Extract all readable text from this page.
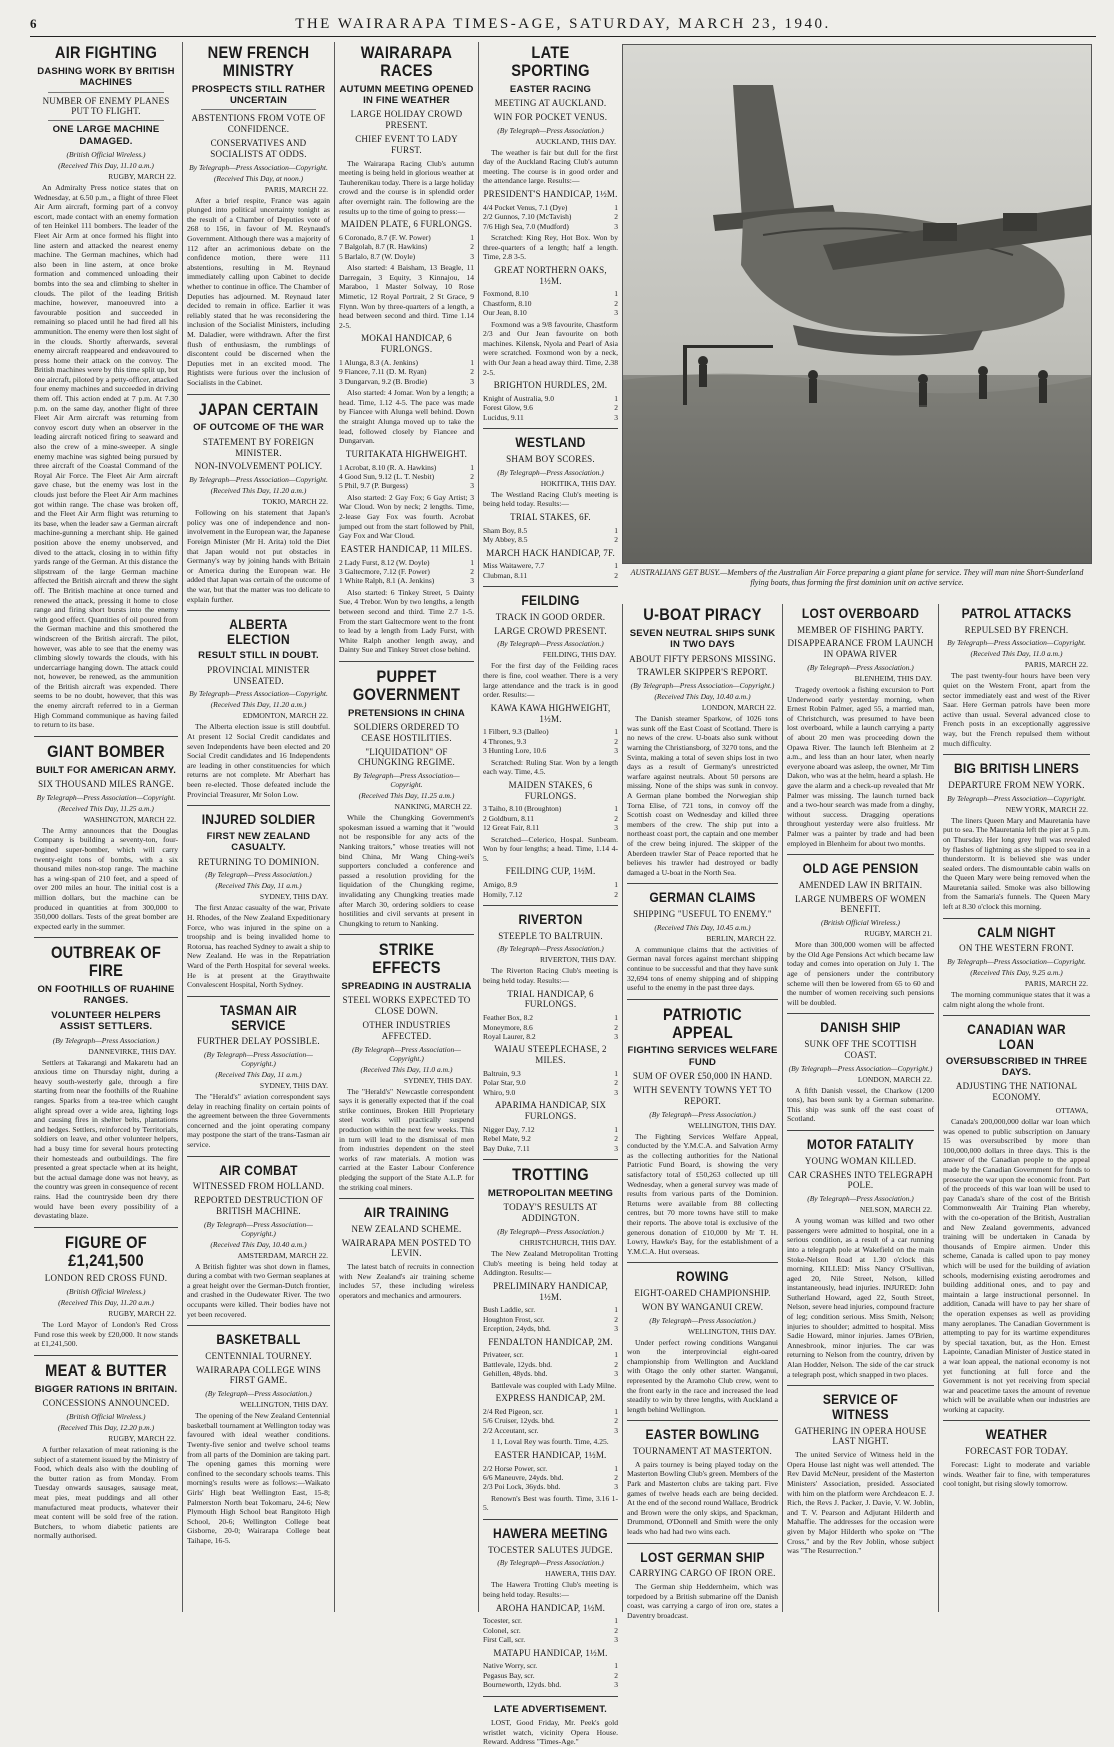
6	THE WAIRARAPA TIMES-AGE, SATURDAY, MARCH 23, 1940.
AIR FIGHTING
DASHING WORK BY BRITISH MACHINES
NUMBER OF ENEMY PLANES PUT TO FLIGHT.
ONE LARGE MACHINE DAMAGED.
(British Official Wireless.)
(Received This Day, 11.10 a.m.)
RUGBY, MARCH 22.

An Admiralty Press notice states that on Wednesday, at 6.50 p.m., a flight of three Fleet Air Arm aircraft, forming part of a convoy escort, made contact with an enemy formation of ten Heinkel 111 bombers. The leader of the Fleet Air Arm at once formed his flight into line astern and attacked the nearest enemy machine. The German machines, which had also been in line astern, at once broke formation and commenced unloading their bombs into the sea and climbing to shelter in clouds. The pilot of the leading British machine, however, manoeuvred into a favourable position and succeeded in remaining so placed until he had fired all his ammunition. The enemy were then lost sight of in the clouds. Shortly afterwards, several enemy aircraft reappeared and endeavoured to press home their attack on the convoy. The British machines were by this time split up, but one aircraft, piloted by a petty-officer, attacked four enemy machines and succeeded in driving them off. This action ended at 7 p.m. At 7.30 p.m. on the same day, another flight of three Fleet Air Arm aircraft was returning from convoy escort duty when an observer in the leading aircraft noticed firing to seaward and also the crew of a mine-sweeper. A single enemy machine was sighted being pursued by three aircraft of the Coastal Command of the Royal Air Force. The Fleet Air Arm aircraft gave chase, but the enemy was lost in the clouds just before the Fleet Air Arm machines got within range. The chase was broken off, and the Fleet Air Arm flight was returning to its base, when the leader saw a German aircraft machine-gunning a merchant ship. He gained position above the enemy unobserved, and dived to the attack, closing in to within fifty yards range of the German. At this distance the slipstream of the large German machine affected the British aircraft and threw the sight off. The British machine at once turned and renewed the attack, pressing it home to close range and firing short bursts into the enemy with good effect. Quantities of oil poured from the German machine and this smothered the windscreen of the British aircraft. The pilot, however, was able to see that the enemy was climbing slowly towards the clouds, with his undercarriage hanging down. The attack could not, however, be renewed, as the ammunition of the British aircraft was expended. There seems to be no doubt, however, that this was the enemy aircraft referred to in a German High Command communique as having failed to return to its base.

GIANT BOMBER
BUILT FOR AMERICAN ARMY.
SIX THOUSAND MILES RANGE.
By Telegraph—Press Association—Copyright.
(Received This Day, 11.25 a.m.)
WASHINGTON, MARCH 22.

The Army announces that the Douglas Company is building a seventy-ton, four-engined super-bomber, which will carry twenty-eight tons of bombs, with a six thousand miles non-stop range. The machine has a wing-span of 210 feet, and a speed of over 200 miles an hour. The initial cost is a million dollars, but the machine can be produced in quantities at from 300,000 to 350,000 dollars. Tests of the great bomber are expected early in the summer.

OUTBREAK OF FIRE
ON FOOTHILLS OF RUAHINE RANGES.
VOLUNTEER HELPERS ASSIST SETTLERS.
(By Telegraph—Press Association.)
DANNEVIRKE, THIS DAY.

Settlers at Takarangi and Makaretu had an anxious time on Thursday night, during a heavy south-westerly gale, through a fire starting from near the foothills of the Ruahine ranges. Sparks from a tea-tree which caught alight spread over a wide area, lighting logs and causing fires in shelter belts, plantations and hedges. Settlers, reinforced by Territorials, soldiers on leave, and other volunteer helpers, had a busy time for several hours protecting their homesteads and outbuildings. The fire presented a great spectacle when at its height, but the actual damage done was not heavy, as the country was green in consequence of recent rains. Had the countryside been dry there would have been every possibility of a devastating blaze.

FIGURE OF £1,241,500
LONDON RED CROSS FUND.
(British Official Wireless.)
(Received This Day, 11.20 a.m.)
RUGBY, MARCH 22.

The Lord Mayor of London's Red Cross Fund rose this week by £20,000. It now stands at £1,241,500.

MEAT & BUTTER
BIGGER RATIONS IN BRITAIN.
CONCESSIONS ANNOUNCED.
(British Official Wireless.)
(Received This Day, 12.20 p.m.)
RUGBY, MARCH 22.

A further relaxation of meat rationing is the subject of a statement issued by the Ministry of Food, which deals also with the doubling of the butter ration as from Monday. From Tuesday onwards sausages, sausage meat, meat pies, meat puddings and all other manufactured meat products, whatever their meat content will be sold free of the ration. Butchers, to whom diabetic patients are normally authorised.

NEW FRENCH MINISTRY
PROSPECTS STILL RATHER UNCERTAIN
ABSTENTIONS FROM VOTE OF CONFIDENCE.
CONSERVATIVES AND SOCIALISTS AT ODDS.
By Telegraph—Press Association—Copyright.
(Received This Day, at noon.)
PARIS, MARCH 22.

After a brief respite, France was again plunged into political uncertainty tonight as the result of a Chamber of Deputies vote of 268 to 156, in favour of M. Reynaud's Government. Although there was a majority of 112 after an acrimonious debate on the confidence motion, there were 111 abstentions, resulting in M. Reynaud immediately calling upon Cabinet to decide whether to continue in office. The Chamber of Deputies has adjourned. M. Reynaud later decided to remain in office. Earlier it was reliably stated that he was reconsidering the inclusion of the Socialist Ministers, including M. Daladier, were withdrawn. After the first flush of enthusiasm, the rumblings of discontent could be discerned when the Deputies met in an excited mood. The Rightists were furious over the inclusion of Socialists in the Cabinet.

JAPAN CERTAIN
OF OUTCOME OF THE WAR
STATEMENT BY FOREIGN MINISTER.
NON-INVOLVEMENT POLICY.
By Telegraph—Press Association—Copyright.
(Received This Day, 11.20 a.m.)
TOKIO, MARCH 22.

Following on his statement that Japan's policy was one of independence and non-involvement in the European war, the Japanese Foreign Minister (Mr H. Arita) told the Diet that Japan would not put obstacles in Germany's way by joining hands with Britain or America during the European war. He added that Japan was certain of the outcome of the war, but that the matter was too delicate to explain further.

ALBERTA ELECTION
RESULT STILL IN DOUBT.
PROVINCIAL MINISTER UNSEATED.
By Telegraph—Press Association—Copyright.
(Received This Day, 11.20 a.m.)
EDMONTON, MARCH 22.

The Alberta election issue is still doubtful. At present 12 Social Credit candidates and seven Independents have been elected and 20 Social Credit candidates and 16 Independents are leading in other constituencies for which returns are not complete. Mr Aberhart has been re-elected. Those defeated include the Provincial Treasurer, Mr Solon Low.

INJURED SOLDIER
FIRST NEW ZEALAND CASUALTY.
RETURNING TO DOMINION.
(By Telegraph—Press Association.)
(Received This Day, 11 a.m.)
SYDNEY, THIS DAY.

The first Anzac casualty of the war, Private H. Rhodes, of the New Zealand Expeditionary Force, who was injured in the spine on a troopship and is being invalided home to Rotorua, has reached Sydney to await a ship to New Zealand. He was in the Repatriation Ward of the Perth Hospital for several weeks. He is at present at the Graythwaite Convalescent Hospital, North Sydney.

TASMAN AIR SERVICE
FURTHER DELAY POSSIBLE.
(By Telegraph—Press Association—Copyright.)
(Received This Day, 11 a.m.)
SYDNEY, THIS DAY.

The "Herald's" aviation correspondent says delay in reaching finality on certain points of the agreement between the three Governments concerned and the joint operating company may postpone the start of the trans-Tasman air service.

AIR COMBAT
WITNESSED FROM HOLLAND.
REPORTED DESTRUCTION OF BRITISH MACHINE.
(By Telegraph—Press Association—Copyright.)
(Received This Day, 10.40 a.m.)
AMSTERDAM, MARCH 22.

A British fighter was shot down in flames, during a combat with two German seaplanes at a great height over the German-Dutch frontier, and crashed in the Oudewater River. The two occupants were killed. Their bodies have not yet been recovered.

BASKETBALL
CENTENNIAL TOURNEY.
WAIRARAPA COLLEGE WINS FIRST GAME.
(By Telegraph—Press Association.)
WELLINGTON, THIS DAY.

The opening of the New Zealand Centennial basketball tournament at Wellington today was favoured with ideal weather conditions. Twenty-five senior and twelve school teams from all parts of the Dominion are taking part. The opening games this morning were confined to the secondary schools teams. This morning's results were as follows:—Waikato Girls' High beat Wellington East, 15-8; Palmerston North beat Tokomaru, 24-6; New Plymouth High School beat Rangitoto High School, 20-6; Wellington College beat Gisborne, 20-0; Wairarapa College beat Taihape, 16-5.

WAIRARAPA RACES
AUTUMN MEETING OPENED IN FINE WEATHER
LARGE HOLIDAY CROWD PRESENT.
CHIEF EVENT TO LADY FURST.

The Wairarapa Racing Club's autumn meeting is being held in glorious weather at Tauherenikau today. There is a large holiday crowd and the course is in splendid order after overnight rain. The following are the results up to the time of going to press:—

MAIDEN PLATE, 6 FURLONGS.
6 Coronado, 8.7 (F. W. Power)	1
7 Balgolah, 8.7 (R. Hawkins)	2
5 Barlalo, 8.7 (W. Doyle)	3

Also started: 4 Baisham, 13 Beagle, 11 Darregain, 3 Equity, 3 Kinnajou, 14 Maraboo, 1 Master Solway, 10 Rose Mimetic, 12 Royal Portrait, 2 St Grace, 9 Flynn. Won by three-quarters of a length, a head between second and third. Time 1.14 2-5.

MOKAI HANDICAP, 6 FURLONGS.
1 Alunga, 8.3 (A. Jenkins)	1
9 Fiancee, 7.11 (D. M. Ryan)	2
3 Dungarvan, 9.2 (B. Brodie)	3

Also started: 4 Jomar. Won by a length; a head. Time, 1.12 4-5. The pace was made by Fiancee with Alunga well behind. Down the straight Alunga moved up to take the lead, followed closely by Fiancee and Dungarvan.

TURITAKATA HIGHWEIGHT.
1 Acrobat, 8.10 (R. A. Hawkins)	1
4 Good Sun, 9.12 (L. T. Nesbit)	2
5 Phil, 9.7 (P. Burgess)	3

Also started: 2 Gay Fox; 6 Gay Artist; 3 War Cloud. Won by neck; 2 lengths. Time, 2-lease Gay Fox was fourth. Acrobat jumped out from the start followed by Phil, Gay Fox and War Cloud.

EASTER HANDICAP, 11 MILES.
2 Lady Furst, 8.12 (W. Doyle)	1
3 Galtecmore, 7.12 (F. Power)	2
1 White Ralph, 8.1 (A. Jenkins)	3

Also started: 6 Tinkey Street, 5 Dainty Sue, 4 Trebor. Won by two lengths, a length between second and third. Time 2.7 1-5. From the start Galtecmore went to the front to lead by a length from Lady Furst, with White Ralph another length away, and Dainty Sue and Tinkey Street close behind.

PUPPET GOVERNMENT
PRETENSIONS IN CHINA
SOLDIERS ORDERED TO CEASE HOSTILITIES.
"LIQUIDATION" OF CHUNGKING REGIME.
By Telegraph—Press Association—Copyright.
(Received This Day, 11.25 a.m.)
NANKING, MARCH 22.

While the Chungking Government's spokesman issued a warning that it "would not be responsible for any acts of the Nanking traitors," whose treaties will not bind China, Mr Wang Ching-wei's supporters concluded a conference and passed a resolution providing for the liquidation of the Chungking regime, invalidating any Chungking treaties made after March 30, ordering soldiers to cease hostilities and civil servants at present in Chungking to return to Nanking.

STRIKE EFFECTS
SPREADING IN AUSTRALIA
STEEL WORKS EXPECTED TO CLOSE DOWN.
OTHER INDUSTRIES AFFECTED.
(By Telegraph—Press Association—Copyright.)
(Received This Day, 11.0 a.m.)
SYDNEY, THIS DAY.

The "Herald's" Newcastle correspondent says it is generally expected that if the coal strike continues, Broken Hill Proprietary steel works will practically suspend production within the next few weeks. This in turn will lead to the dismissal of men from industries dependent on the steel works of raw materials. A motion was carried at the Easter Labour Conference pledging the support of the State A.L.P. for the striking coal miners.

AIR TRAINING
NEW ZEALAND SCHEME.
WAIRARAPA MEN POSTED TO LEVIN.

The latest batch of recruits in connection with New Zealand's air training scheme includes 57, these including wireless operators and mechanics and armourers.

LATE SPORTING
EASTER RACING
MEETING AT AUCKLAND.
WIN FOR POCKET VENUS.
(By Telegraph—Press Association.)
AUCKLAND, THIS DAY.

The weather is fair but dull for the first day of the Auckland Racing Club's autumn meeting. The course is in good order and the attendance large. Results:—

PRESIDENT'S HANDICAP, 1½M.
4/4 Pocket Venus, 7.1 (Dye)	1
2/2 Gunnos, 7.10 (McTavish)	2
7/6 High Sea, 7.0 (Mudford)	3

Scratched: King Rey, Hot Box. Won by three-quarters of a length; half a length. Time, 2.8 3-5.

GREAT NORTHERN OAKS, 1½M.
Foxmond, 8.10	1
Chastform, 8.10	2
Our Jean, 8.10	3

Foxmond was a 9/8 favourite, Chastform 2/3 and Our Jean favourite on both machines. Kilensk, Nyola and Pearl of Asia were scratched. Foxmond won by a neck, with Our Jean a head away third. Time, 2.38 2-5.

BRIGHTON HURDLES, 2M.
Knight of Australia, 9.0	1
Forest Glow, 9.6	2
Lucidus, 9.11	3
WESTLAND
SHAM BOY SCORES.
(By Telegraph—Press Association.)
HOKITIKA, THIS DAY.

The Westland Racing Club's meeting is being held today. Results:—

TRIAL STAKES, 6F.
Sham Boy, 8.5	1
My Abbey, 8.5	2
MARCH HACK HANDICAP, 7F.
Miss Waitawere, 7.7	1
Clubman, 8.11	2
FEILDING
TRACK IN GOOD ORDER.
LARGE CROWD PRESENT.
(By Telegraph—Press Association.)
FEILDING, THIS DAY.

For the first day of the Feilding races there is fine, cool weather. There is a very large attendance and the track is in good order. Results:—

KAWA KAWA HIGHWEIGHT, 1½M.
1 Filbert, 9.3 (Dalleo)	1
4 Thrones, 9.3	2
3 Hunting Lore, 10.6	3

Scratched: Ruling Star. Won by a length each way. Time, 4.5.

MAIDEN STAKES, 6 FURLONGS.
3 Taiho, 8.10 (Broughton)	1
2 Goldburn, 8.11	2
12 Great Fair, 8.11	3

Scratched—Celerico, Hospal. Sunbeam. Won by four lengths; a head. Time, 1.14 4-5.

FEILDING CUP, 1½M.
Amigo, 8.9	1
Homily, 7.12	2
RIVERTON
STEEPLE TO BALTRUIN.
(By Telegraph—Press Association.)
RIVERTON, THIS DAY.

The Riverton Racing Club's meeting is being held today. Results:—

TRIAL HANDICAP, 6 FURLONGS.
Feather Box, 8.2	1
Moneymore, 8.6	2
Royal Laurer, 8.2	3
WAIAU STEEPLECHASE, 2 MILES.
Baltruin, 9.3	1
Polar Star, 9.0	2
Whiro, 9.0	3
APARIMA HANDICAP, SIX FURLONGS.
Nigger Day, 7.12	1
Rebel Mate, 9.2	2
Bay Duke, 7.11	3
TROTTING
METROPOLITAN MEETING
TODAY'S RESULTS AT ADDINGTON.
(By Telegraph—Press Association.)
CHRISTCHURCH, THIS DAY.

The New Zealand Metropolitan Trotting Club's meeting is being held today at Addington. Results:—

PRELIMINARY HANDICAP, 1½M.
Bush Laddie, scr.	1
Houghton Frost, scr.	2
Erception, 24yds, bhd.	3
FENDALTON HANDICAP, 2M.
Privateer, scr.	1
Battlevale, 12yds. bhd.	2
Gehillen, 48yds. bhd.	3

Battlevale was coupled with Lady Milne.

EXPRESS HANDICAP, 2M.
2/4 Red Pigeon, scr.	1
5/6 Cruiser, 12yds. bhd.	2
2/2 Acceutant, scr.	3

1 1, Loval Rey was fourth. Time, 4.25.

EASTER HANDICAP, 1½M.
2/2 Horse Power, scr.	1
6/6 Maneuvre, 24yds. bhd.	2
2/3 Poi Lock, 36yds. bhd.	3

Renown's Best was fourth. Time, 3.16 1-5.

HAWERA MEETING
TOCESTER SALUTES JUDGE.
(By Telegraph—Press Association.)
HAWERA, THIS DAY.

The Hawera Trotting Club's meeting is being held today. Results:—

AROHA HANDICAP, 1½M.
Tocester, scr.	1
Colonel, scr.	2
First Call, scr.	3
MATAPU HANDICAP, 1½M.
Native Worry, scr.	1
Pegasus Bay, scr.	2
Bourneworth, 12yds. bhd.	3
LATE ADVERTISEMENT.

LOST, Good Friday, Mr. Peek's gold wristlet watch, vicinity Opera House. Reward. Address "Times-Age."

AUSTRALIANS GET BUSY.—Members of the Australian Air Force preparing a giant plane for service. They will man nine Short-Sunderland flying boats, thus forming the first dominion unit on active service.
U-BOAT PIRACY
SEVEN NEUTRAL SHIPS SUNK IN TWO DAYS
ABOUT FIFTY PERSONS MISSING.
TRAWLER SKIPPER'S REPORT.
(By Telegraph—Press Association—Copyright.)
(Received This Day, 10.40 a.m.)
LONDON, MARCH 22.

The Danish steamer Sparkow, of 1026 tons was sunk off the East Coast of Scotland. There is no news of the crew. U-boats also sunk without warning the Christiansborg, of 3270 tons, and the Svinta, making a total of seven ships lost in two days as a result of Germany's unrestricted warfare against neutrals. About 50 persons are missing. None of the ships was sunk in convoy. A German plane bombed the Norwegian ship Torna Elise, of 721 tons, in convoy off the Scottish coast on Wednesday and killed three members of the crew. The ship put into a northeast coast port, the captain and one member of the crew being injured. The skipper of the Aberdeen trawler Star of Peace reported that he believes his trawler had destroyed or badly damaged a U-boat in the North Sea.

GERMAN CLAIMS
SHIPPING "USEFUL TO ENEMY."
(Received This Day, 10.45 a.m.)
BERLIN, MARCH 22.

A communique claims that the activities of German naval forces against merchant shipping continue to be successful and that they have sunk 32,694 tons of enemy shipping and of shipping useful to the enemy in the past three days.

PATRIOTIC APPEAL
FIGHTING SERVICES WELFARE FUND
SUM OF OVER £50,000 IN HAND.
WITH SEVENTY TOWNS YET TO REPORT.
(By Telegraph—Press Association.)
WELLINGTON, THIS DAY.

The Fighting Services Welfare Appeal, conducted by the Y.M.C.A. and Salvation Army as the collecting authorities for the National Patriotic Fund Board, is showing the very satisfactory total of £50,263 collected up till Wednesday, when a general survey was made of results from various parts of the Dominion. Returns were available from 88 collecting centres, but 70 more towns have still to make their reports. The above total is exclusive of the generous donation of £10,000 by Mr T. H. Lowry, Hawke's Bay, for the establishment of a Y.M.C.A. Hut overseas.

ROWING
EIGHT-OARED CHAMPIONSHIP.
WON BY WANGANUI CREW.
(By Telegraph—Press Association.)
WELLINGTON, THIS DAY.

Under perfect rowing conditions Wanganui won the interprovincial eight-oared championship from Wellington and Auckland with Otago the only other starter. Wanganui, represented by the Aramoho Club crew, went to the front early in the race and increased the lead steadily to win by three lengths, with Auckland a length behind Wellington.

EASTER BOWLING
TOURNAMENT AT MASTERTON.

A pairs tourney is being played today on the Masterton Bowling Club's green. Members of the Park and Masterton clubs are taking part. Five games of twelve heads each are being decided. At the end of the second round Wallace, Brodrick and Brown were the only skips, and Spackman, Drummond, O'Donnell and Smith were the only leads who had had two wins each.

LOST GERMAN SHIP
CARRYING CARGO OF IRON ORE.

The German ship Heddernheim, which was torpedoed by a British submarine off the Danish coast, was carrying a cargo of iron ore, states a Daventry broadcast.

LOST OVERBOARD
MEMBER OF FISHING PARTY.
DISAPPEARANCE FROM LAUNCH IN OPAWA RIVER
(By Telegraph—Press Association.)
BLENHEIM, THIS DAY.

Tragedy overtook a fishing excursion to Port Underwood early yesterday morning, when Ernest Robin Palmer, aged 55, a married man, of Christchurch, was presumed to have been lost overboard, while a launch carrying a party of about 20 men was proceeding down the Opawa River. The launch left Blenheim at 2 a.m., and less than an hour later, when nearly everyone aboard was asleep, the owner, Mr Tim Dakon, who was at the helm, heard a splash. He gave the alarm and a check-up revealed that Mr Palmer was missing. The launch turned back and a two-hour search was made from a dinghy, without success. Dragging operations throughout yesterday were also fruitless. Mr Palmer was a painter by trade and had been employed in Blenheim for about two months.

OLD AGE PENSION
AMENDED LAW IN BRITAIN.
LARGE NUMBERS OF WOMEN BENEFIT.
(British Official Wireless.)
RUGBY, MARCH 21.

More than 300,000 women will be affected by the Old Age Pensions Act which became law today and comes into operation on July 1. The age of pensioners under the contributory scheme will then be lowered from 65 to 60 and the number of women receiving such pensions will be doubled.

DANISH SHIP
SUNK OFF THE SCOTTISH COAST.
(By Telegraph—Press Association—Copyright.)
LONDON, MARCH 22.

A fifth Danish vessel, the Charkow (1200 tons), has been sunk by a German submarine. This ship was sunk off the east coast of Scotland.

MOTOR FATALITY
YOUNG WOMAN KILLED.
CAR CRASHES INTO TELEGRAPH POLE.
(By Telegraph—Press Association.)
NELSON, MARCH 22.

A young woman was killed and two other passengers were admitted to hospital, one in a serious condition, as a result of a car running into a telegraph pole at Wakefield on the main Stoke-Nelson Road at 1.30 o'clock this morning. KILLED: Miss Nancy O'Sullivan, aged 20, Nile Street, Nelson, killed instantaneously, head injuries. INJURED: John Sutherland Howard, aged 22, South Street, Nelson, severe head injuries, compound fracture of leg; condition serious. Miss Smith, Nelson; injuries to shoulder; admitted to hospital. Miss Sadie Howard, minor injuries. James O'Brien, Annesbrook, minor injuries. The car was returning to Nelson from the country, driven by Alan Hodder, Nelson. The side of the car struck a telegraph post, which snapped in two places.

SERVICE OF WITNESS
GATHERING IN OPERA HOUSE LAST NIGHT.

The united Service of Witness held in the Opera House last night was well attended. The Rev David McNeur, president of the Masterton Ministers' Association, presided. Associated with him on the platform were Archdeacon E. J. Rich, the Revs J. Packer, J. Davie, V. W. Joblin, and T. V. Pearson and Adjutant Hilderth and Mahaffie. The addresses for the occasion were given by Major Hilderth who spoke on "The Cross," and by the Rev Joblin, whose subject was "The Resurrection."

PATROL ATTACKS
REPULSED BY FRENCH.
By Telegraph—Press Association—Copyright.
(Received This Day, 11.0 a.m.)
PARIS, MARCH 22.

The past twenty-four hours have been very quiet on the Western Front, apart from the sector immediately east and west of the River Saar. Here German patrols have been more active than usual. Several advanced close to French posts in an exceptionally aggressive way, but the French repulsed them without much difficulty.

BIG BRITISH LINERS
DEPARTURE FROM NEW YORK.
By Telegraph—Press Association—Copyright.
NEW YORK, MARCH 22.

The liners Queen Mary and Mauretania have put to sea. The Mauretania left the pier at 5 p.m. on Thursday. Her long grey hull was revealed by flashes of lightning as she slipped to sea in a thunderstorm. It is believed she was under sealed orders. The dismountable cabin walls on the Queen Mary were being removed when the Mauretania sailed. Smoke was also billowing from the Samaria's funnels. The Queen Mary left at 8.30 o'clock this morning.

CALM NIGHT
ON THE WESTERN FRONT.
By Telegraph—Press Association—Copyright.
(Received This Day, 9.25 a.m.)
PARIS, MARCH 22.

The morning communique states that it was a calm night along the whole front.

CANADIAN WAR LOAN
OVERSUBSCRIBED IN THREE DAYS.
ADJUSTING THE NATIONAL ECONOMY.
OTTAWA,

Canada's 200,000,000 dollar war loan which was opened to public subscription on January 15 was oversubscribed by more than 100,000,000 dollars in three days. This is the answer of the Canadian people to the appeal made by the Canadian Government for funds to prosecute the war upon the economic front. Part of the proceeds of this war loan will be used to pay Canada's share of the cost of the British Commonwealth Air Training Plan whereby, with the co-operation of the British, Australian and New Zealand governments, advanced training will be undertaken in Canada by thousands of Empire airmen. Under this scheme, Canada is called upon to pay money which will be used for the building of aviation schools, modernising existing aerodromes and building additional ones, and to pay and maintain a large instructional personnel. In addition, Canada will have to pay her share of the operation expenses as well as providing many aeroplanes. The Canadian Government is attempting to pay for its wartime expenditures by special taxation, but, as the Hon. Ernest Lapointe, Canadian Minister of Justice stated in a war loan appeal, the national economy is not yet functioning at full force and the Government is not yet receiving from special war and peacetime taxes the amount of revenue which will be available when our industries are working at capacity.

WEATHER
FORECAST FOR TODAY.

Forecast: Light to moderate and variable winds. Weather fair to fine, with temperatures cool tonight, but rising slowly tomorrow.
